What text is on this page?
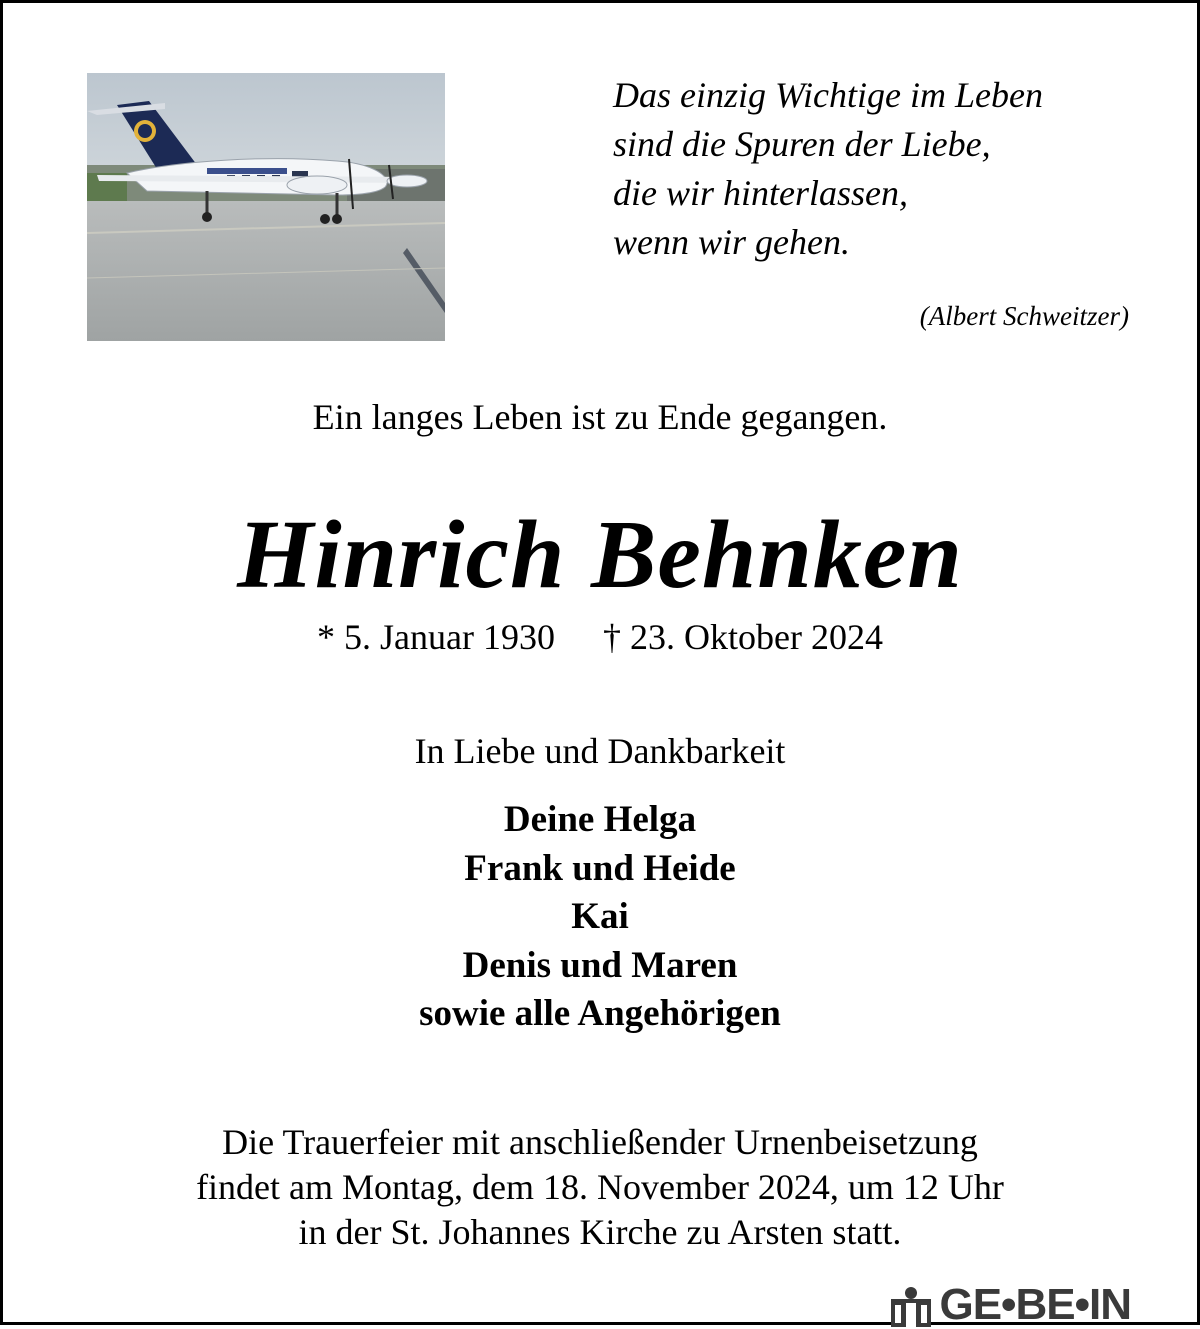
Das einzig Wichtige im Leben
sind die Spuren der Liebe,
die wir hinterlassen,
wenn wir gehen.
(Albert Schweitzer)
Ein langes Leben ist zu Ende gegangen.
Hinrich Behnken
* 5. Januar 1930 † 23. Oktober 2024
In Liebe und Dankbarkeit
Deine Helga
Frank und Heide
Kai
Denis und Maren
sowie alle Angehörigen
Die Trauerfeier mit anschließender Urnenbeisetzung
findet am Montag, dem 18. November 2024, um 12 Uhr
in der St. Johannes Kirche zu Arsten statt.
GE•BE•IN
